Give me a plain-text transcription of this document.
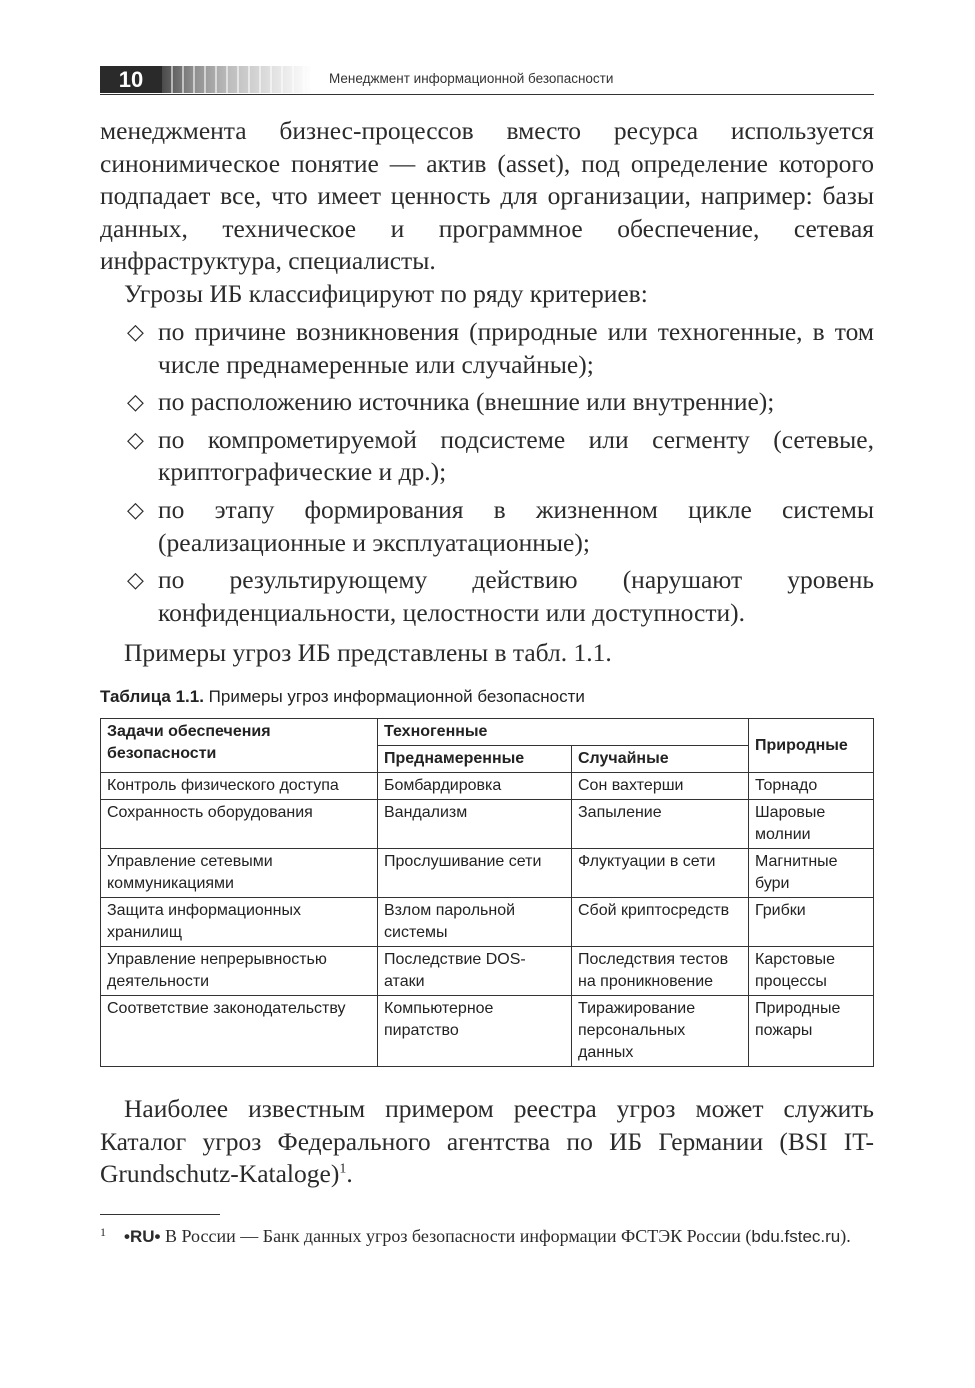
10	Менеджмент информационной безопасности
менеджмента бизнес-процессов вместо ресурса используется синонимическое понятие — актив (asset), под определение которого подпадает все, что имеет ценность для организации, например: базы данных, техническое и программное обеспечение, сетевая инфраструктура, специалисты.
Угрозы ИБ классифицируют по ряду критериев:
◇ по причине возникновения (природные или техногенные, в том числе преднамеренные или случайные);
◇ по расположению источника (внешние или внутренние);
◇ по компрометируемой подсистеме или сегменту (сетевые, криптографические и др.);
◇ по этапу формирования в жизненном цикле системы (реализационные и эксплуатационные);
◇ по результирующему действию (нарушают уровень конфиденциальности, целостности или доступности).
Примеры угроз ИБ представлены в табл. 1.1.
Таблица 1.1. Примеры угроз информационной безопасности
Задачи обеспечения безопасности	Техногенные		Природные
	Преднамеренные	Случайные	
Контроль физического доступа	Бомбардировка	Сон вахтерши	Торнадо
Сохранность оборудования	Вандализм	Запыление	Шаровые молнии
Управление сетевыми коммуникациями	Прослушивание сети	Флуктуации в сети	Магнитные бури
Защита информационных хранилищ	Взлом парольной системы	Сбой криптосредств	Грибки
Управление непрерывностью деятельности	Последствие DOS-атаки	Последствия тестов на проникновение	Карстовые процессы
Соответствие законодательству	Компьютерное пиратство	Тиражирование персональных данных	Природные пожары
Наиболее известным примером реестра угроз может служить Каталог угроз Федерального агентства по ИБ Германии (BSI IT-Grundschutz-Kataloge)$^1$.
1 •RU• В России — Банк данных угроз безопасности информации ФСТЭК России (bdu.fstec.ru).
